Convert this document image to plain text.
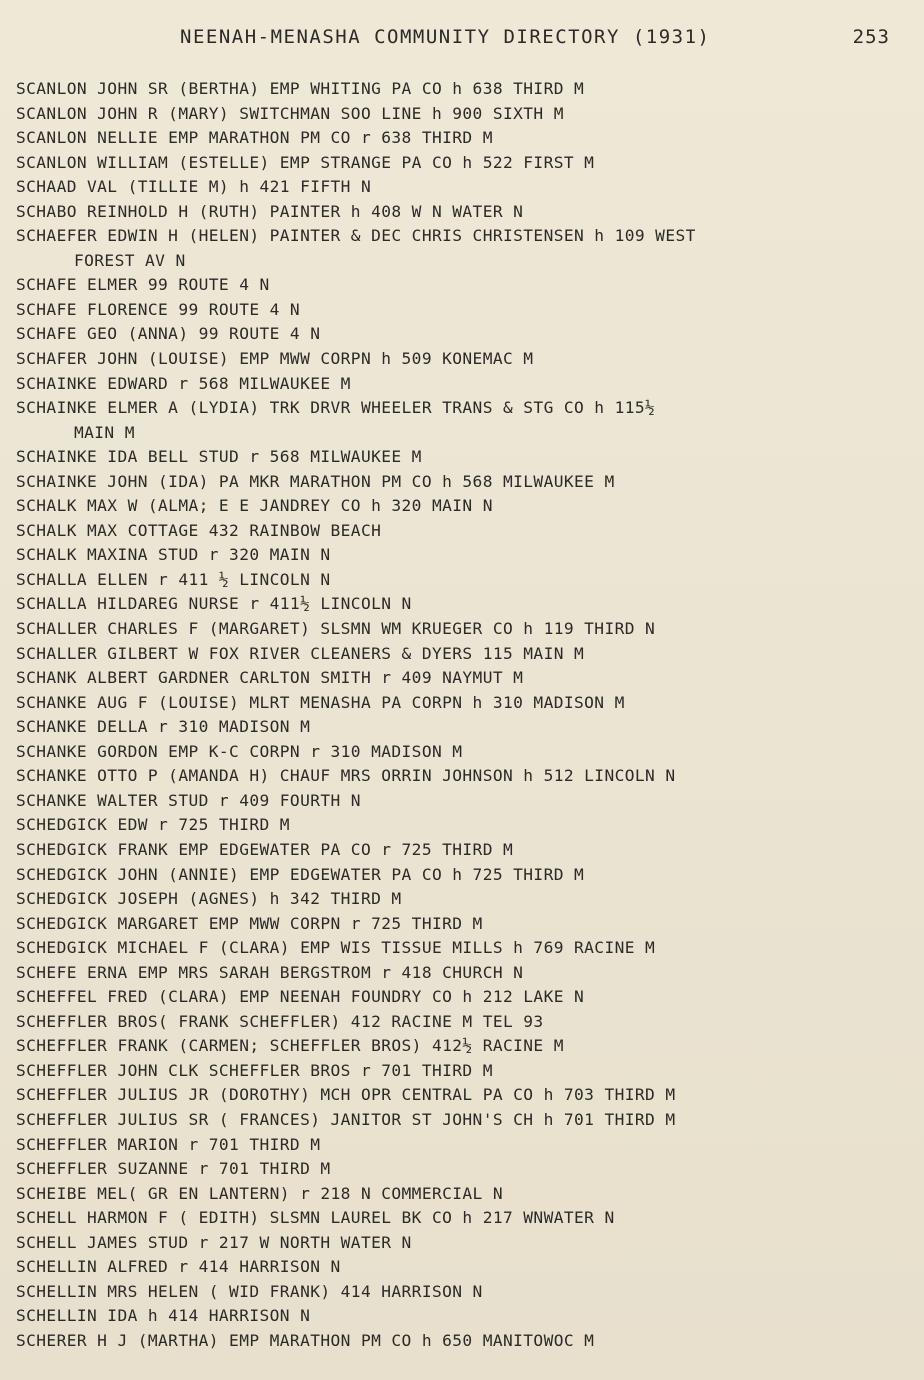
NEENAH-MENASHA COMMUNITY DIRECTORY (1931)	253
SCANLON JOHN SR (BERTHA) EMP WHITING PA CO h 638 THIRD M
SCANLON JOHN R (MARY) SWITCHMAN SOO LINE h 900 SIXTH M
SCANLON NELLIE EMP MARATHON PM CO r 638 THIRD M
SCANLON WILLIAM (ESTELLE) EMP STRANGE PA CO h 522 FIRST M
SCHAAD VAL (TILLIE M) h 421 FIFTH N
SCHABO REINHOLD H (RUTH) PAINTER h 408 W N WATER N
SCHAEFER EDWIN H (HELEN) PAINTER & DEC CHRIS CHRISTENSEN h 109 WEST
FOREST AV N
SCHAFE ELMER 99 ROUTE 4 N
SCHAFE FLORENCE 99 ROUTE 4 N
SCHAFE GEO (ANNA) 99 ROUTE 4 N
SCHAFER JOHN (LOUISE) EMP MWW CORPN h 509 KONEMAC M
SCHAINKE EDWARD r 568 MILWAUKEE M
SCHAINKE ELMER A (LYDIA) TRK DRVR WHEELER TRANS & STG CO h 115½
MAIN M
SCHAINKE IDA BELL STUD r 568 MILWAUKEE M
SCHAINKE JOHN (IDA) PA MKR MARATHON PM CO h 568 MILWAUKEE M
SCHALK MAX W (ALMA; E E JANDREY CO h 320 MAIN N
SCHALK MAX COTTAGE 432 RAINBOW BEACH
SCHALK MAXINA STUD r 320 MAIN N
SCHALLA ELLEN r 411 ½ LINCOLN N
SCHALLA HILDAREG NURSE r 411½ LINCOLN N
SCHALLER CHARLES F (MARGARET) SLSMN WM KRUEGER CO h 119 THIRD N
SCHALLER GILBERT W FOX RIVER CLEANERS & DYERS 115 MAIN M
SCHANK ALBERT GARDNER CARLTON SMITH r 409 NAYMUT M
SCHANKE AUG F (LOUISE) MLRT MENASHA PA CORPN h 310 MADISON M
SCHANKE DELLA r 310 MADISON M
SCHANKE GORDON EMP K-C CORPN r 310 MADISON M
SCHANKE OTTO P (AMANDA H) CHAUF MRS ORRIN JOHNSON h 512 LINCOLN N
SCHANKE WALTER STUD r 409 FOURTH N
SCHEDGICK EDW r 725 THIRD M
SCHEDGICK FRANK EMP EDGEWATER PA CO r 725 THIRD M
SCHEDGICK JOHN (ANNIE) EMP EDGEWATER PA CO h 725 THIRD M
SCHEDGICK JOSEPH (AGNES) h 342 THIRD M
SCHEDGICK MARGARET EMP MWW CORPN r 725 THIRD M
SCHEDGICK MICHAEL F (CLARA) EMP WIS TISSUE MILLS h 769 RACINE M
SCHEFE ERNA EMP MRS SARAH BERGSTROM r 418 CHURCH N
SCHEFFEL FRED (CLARA) EMP NEENAH FOUNDRY CO h 212 LAKE N
SCHEFFLER BROS( FRANK SCHEFFLER) 412 RACINE M TEL 93
SCHEFFLER FRANK (CARMEN; SCHEFFLER BROS) 412½ RACINE M
SCHEFFLER JOHN CLK SCHEFFLER BROS r 701 THIRD M
SCHEFFLER JULIUS JR (DOROTHY) MCH OPR CENTRAL PA CO h 703 THIRD M
SCHEFFLER JULIUS SR ( FRANCES) JANITOR ST JOHN'S CH h 701 THIRD M
SCHEFFLER MARION r 701 THIRD M
SCHEFFLER SUZANNE r 701 THIRD M
SCHEIBE MEL( GR EN LANTERN) r 218 N COMMERCIAL N
SCHELL HARMON F ( EDITH) SLSMN LAUREL BK CO h 217 WNWATER N
SCHELL JAMES STUD r 217 W NORTH WATER N
SCHELLIN ALFRED r 414 HARRISON N
SCHELLIN MRS HELEN ( WID FRANK) 414 HARRISON N
SCHELLIN IDA h 414 HARRISON N
SCHERER H J (MARTHA) EMP MARATHON PM CO h 650 MANITOWOC M
